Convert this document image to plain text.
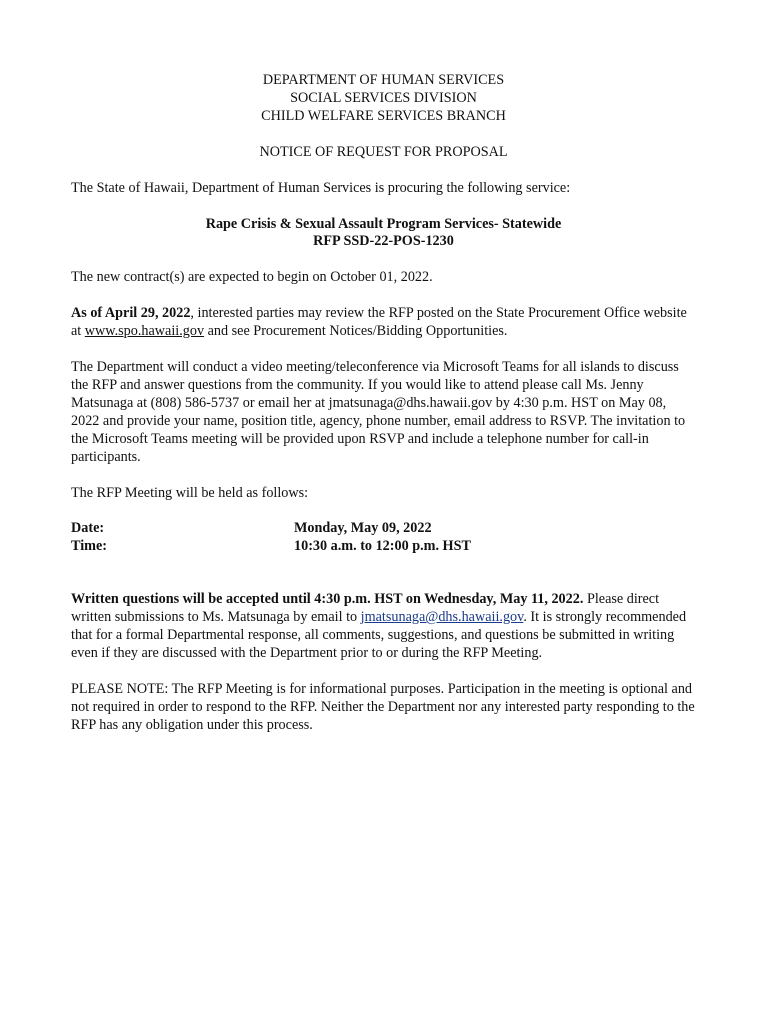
DEPARTMENT OF HUMAN SERVICES
SOCIAL SERVICES DIVISION
CHILD WELFARE SERVICES BRANCH

NOTICE OF REQUEST FOR PROPOSAL

The State of Hawaii, Department of Human Services is procuring the following service:

Rape Crisis & Sexual Assault Program Services- Statewide
RFP SSD-22-POS-1230

The new contract(s) are expected to begin on October 01, 2022.

As of April 29, 2022, interested parties may review the RFP posted on the State Procurement Office website at www.spo.hawaii.gov and see Procurement Notices/Bidding Opportunities.

The Department will conduct a video meeting/teleconference via Microsoft Teams for all islands to discuss the RFP and answer questions from the community. If you would like to attend please call Ms. Jenny Matsunaga at (808) 586-5737 or email her at jmatsunaga@dhs.hawaii.gov by 4:30 p.m. HST on May 08, 2022 and provide your name, position title, agency, phone number, email address to RSVP. The invitation to the Microsoft Teams meeting will be provided upon RSVP and include a telephone number for call-in participants.

The RFP Meeting will be held as follows:

Date:	Monday, May 09, 2022
Time:	10:30 a.m. to 12:00 p.m. HST

Written questions will be accepted until 4:30 p.m. HST on Wednesday, May 11, 2022. Please direct written submissions to Ms. Matsunaga by email to jmatsunaga@dhs.hawaii.gov. It is strongly recommended that for a formal Departmental response, all comments, suggestions, and questions be submitted in writing even if they are discussed with the Department prior to or during the RFP Meeting.

PLEASE NOTE: The RFP Meeting is for informational purposes. Participation in the meeting is optional and not required in order to respond to the RFP. Neither the Department nor any interested party responding to the RFP has any obligation under this process.
